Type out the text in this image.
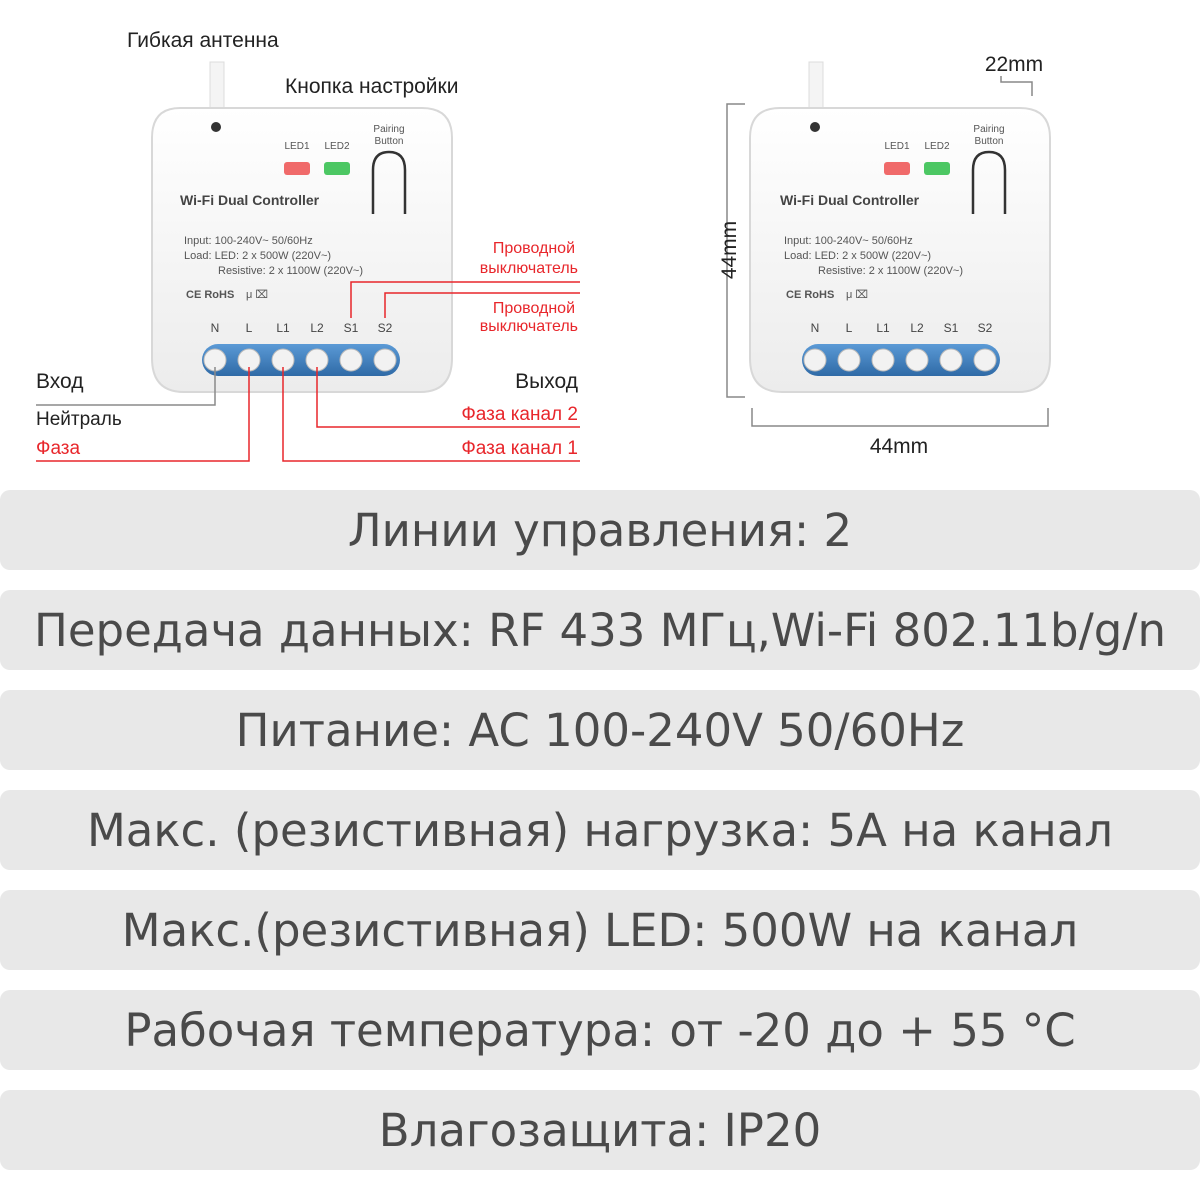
LED1 LED2
Pairing
Button
Wi-Fi Dual Controller
Input: 100-240V~ 50/60Hz
Load: LED: 2 x 500W (220V~)
Resistive: 2 x 1100W (220V~)
CE RoHS μ ⌧
N L L1 L2 S1 S2
Гибкая антенна
Кнопка настройки
Проводной
выключатель
Проводной
выключатель
Вход	Выход
Нейтраль
Фаза
Фаза канал 2
Фаза канал 1
LED1 LED2
Pairing
Button
Wi-Fi Dual Controller
Input: 100-240V~ 50/60Hz
Load: LED: 2 x 500W (220V~)
Resistive: 2 x 1100W (220V~)
CE RoHS μ ⌧
N L L1 L2 S1 S2
22mm
44mm
44mm
Линии управления: 2
Передача данных: RF 433 МГц,Wi-Fi 802.11b/g/n
Питание: AC 100-240V 50/60Hz
Макс. (резистивная) нагрузка: 5А на канал
Макс.(резистивная) LED: 500W на канал
Рабочая температура: от -20 до + 55 °C
Влагозащита: IP20
